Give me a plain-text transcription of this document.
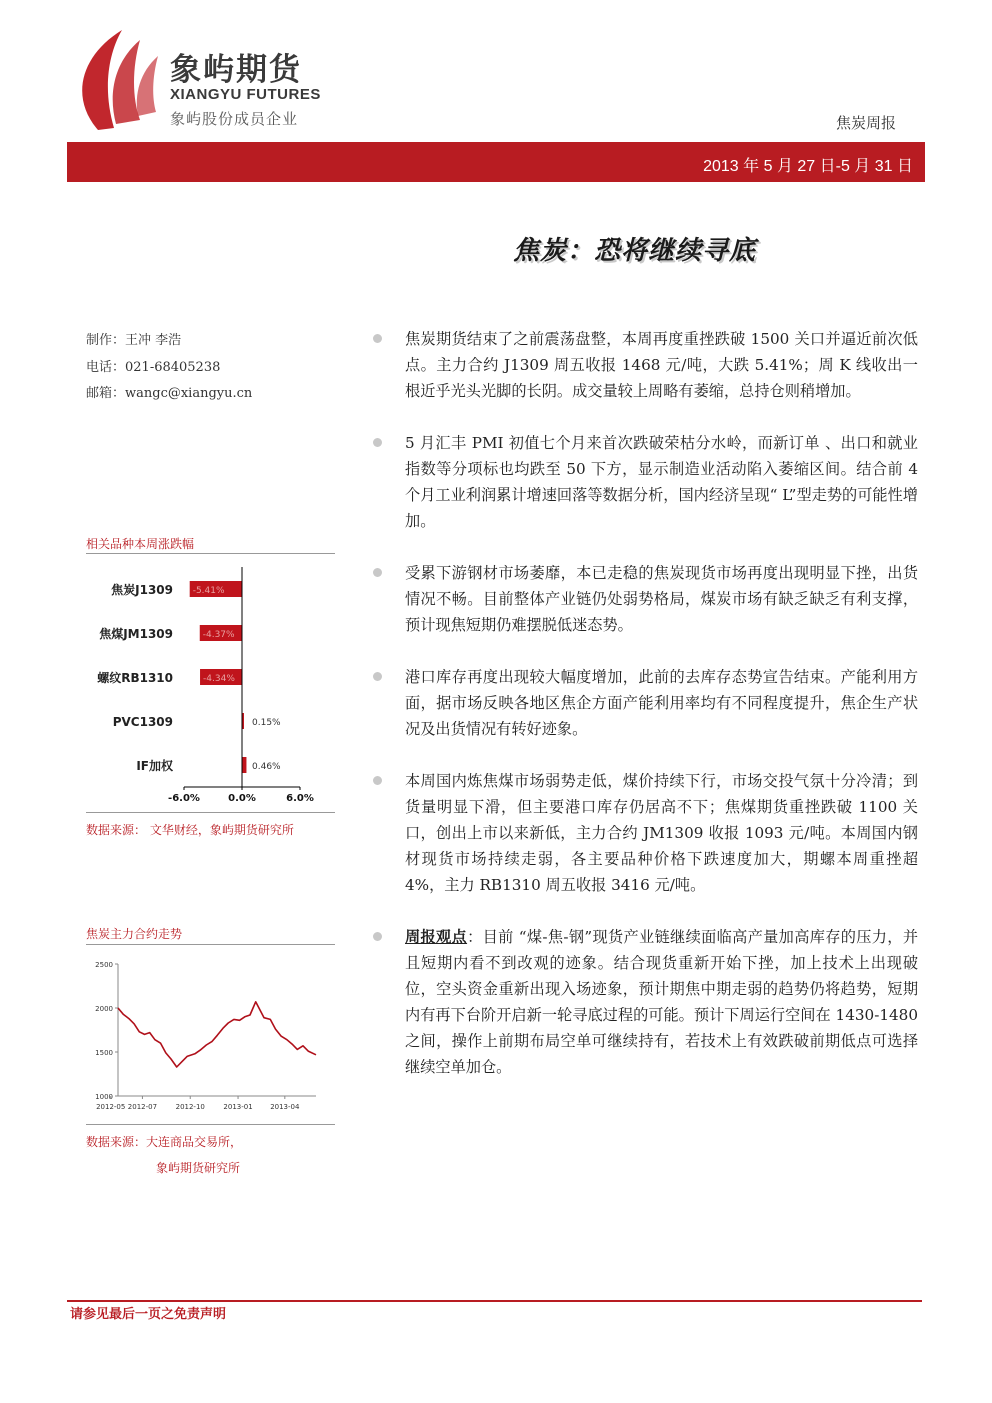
象屿期货
XIANGYU FUTURES
象屿股份成员企业	焦炭周报
2013 年 5 月 27 日-5 月 31 日
焦炭：恐将继续寻底
制作：王冲 李浩
电话：021-68405238
邮箱：wangc@xiangyu.cn
相关品种本周涨跌幅
焦炭J1309 -5.41%
焦煤JM1309	-4.37%
螺纹RB1310	-4.34%
PVC1309	0.15%
IF加权	0.46%
-6.0%	0.0%	6.0%
数据来源： 文华财经，象屿期货研究所
焦炭主力合约走势
2500
2000
1500
1000
2012-05 2012-07	2012-10	2013-01	2013-04
数据来源：大连商品交易所，
象屿期货研究所
焦炭期货结束了之前震荡盘整，本周再度重挫跌破 1500 关口并逼近前次低点。主力合约 J1309 周五收报 1468 元/吨，大跌 5.41%；周 K 线收出一根近乎光头光脚的长阴。成交量较上周略有萎缩，总持仓则稍增加。
5 月汇丰 PMI 初值七个月来首次跌破荣枯分水岭，而新订单 、出口和就业指数等分项标也均跌至 50 下方，显示制造业活动陷入萎缩区间。结合前 4 个月工业利润累计增速回落等数据分析，国内经济呈现“ L”型走势的可能性增加。
受累下游钢材市场萎靡，本已走稳的焦炭现货市场再度出现明显下挫，出货情况不畅。目前整体产业链仍处弱势格局，煤炭市场有缺乏缺乏有利支撑，预计现焦短期仍难摆脱低迷态势。
港口库存再度出现较大幅度增加，此前的去库存态势宣告结束。产能利用方面，据市场反映各地区焦企方面产能利用率均有不同程度提升，焦企生产状况及出货情况有转好迹象。
本周国内炼焦煤市场弱势走低，煤价持续下行，市场交投气氛十分冷清；到货量明显下滑，但主要港口库存仍居高不下；焦煤期货重挫跌破 1100 关口，创出上市以来新低，主力合约 JM1309 收报 1093 元/吨。本周国内钢材现货市场持续走弱，各主要品种价格下跌速度加大，期螺本周重挫超 4%，主力 RB1310 周五收报 3416 元/吨。
周报观点：目前 “煤-焦-钢”现货产业链继续面临高产量加高库存的压力，并且短期内看不到改观的迹象。结合现货重新开始下挫，加上技术上出现破位，空头资金重新出现入场迹象，预计期焦中期走弱的趋势仍将趋势，短期内有再下台阶开启新一轮寻底过程的可能。预计下周运行空间在 1430-1480 之间，操作上前期布局空单可继续持有，若技术上有效跌破前期低点可选择继续空单加仓。
请参见最后一页之免责声明
